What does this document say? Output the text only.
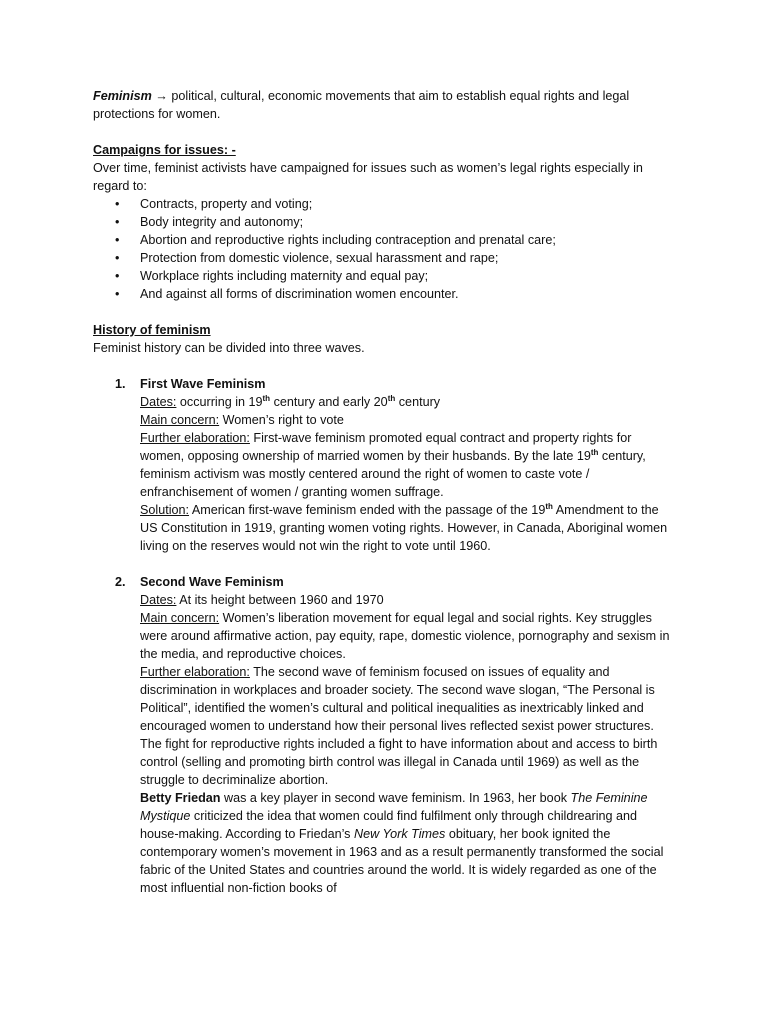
Feminism → political, cultural, economic movements that aim to establish equal rights and legal protections for women.

Campaigns for issues: -

Over time, feminist activists have campaigned for issues such as women’s legal rights especially in regard to:

• Contracts, property and voting;
• Body integrity and autonomy;
• Abortion and reproductive rights including contraception and prenatal care;
• Protection from domestic violence, sexual harassment and rape;
• Workplace rights including maternity and equal pay;
• And against all forms of discrimination women encounter.

History of feminism

Feminist history can be divided into three waves.

1. First Wave Feminism

Dates: occurring in 19th century and early 20th century

Main concern: Women’s right to vote

Further elaboration: First-wave feminism promoted equal contract and property rights for women, opposing ownership of married women by their husbands. By the late 19th century, feminism activism was mostly centered around the right of women to caste vote / enfranchisement of women / granting women suffrage.

Solution: American first-wave feminism ended with the passage of the 19th Amendment to the US Constitution in 1919, granting women voting rights. However, in Canada, Aboriginal women living on the reserves would not win the right to vote until 1960.

2. Second Wave Feminism

Dates: At its height between 1960 and 1970

Main concern: Women’s liberation movement for equal legal and social rights. Key struggles were around affirmative action, pay equity, rape, domestic violence, pornography and sexism in the media, and reproductive choices.

Further elaboration: The second wave of feminism focused on issues of equality and discrimination in workplaces and broader society. The second wave slogan, “The Personal is Political”, identified the women’s cultural and political inequalities as inextricably linked and encouraged women to understand how their personal lives reflected sexist power structures.

The fight for reproductive rights included a fight to have information about and access to birth control (selling and promoting birth control was illegal in Canada until 1969) as well as the struggle to decriminalize abortion.

Betty Friedan was a key player in second wave feminism. In 1963, her book The Feminine Mystique criticized the idea that women could find fulfilment only through childrearing and house-making. According to Friedan’s New York Times obituary, her book ignited the contemporary women’s movement in 1963 and as a result permanently transformed the social fabric of the United States and countries around the world. It is widely regarded as one of the most influential non-fiction books of
